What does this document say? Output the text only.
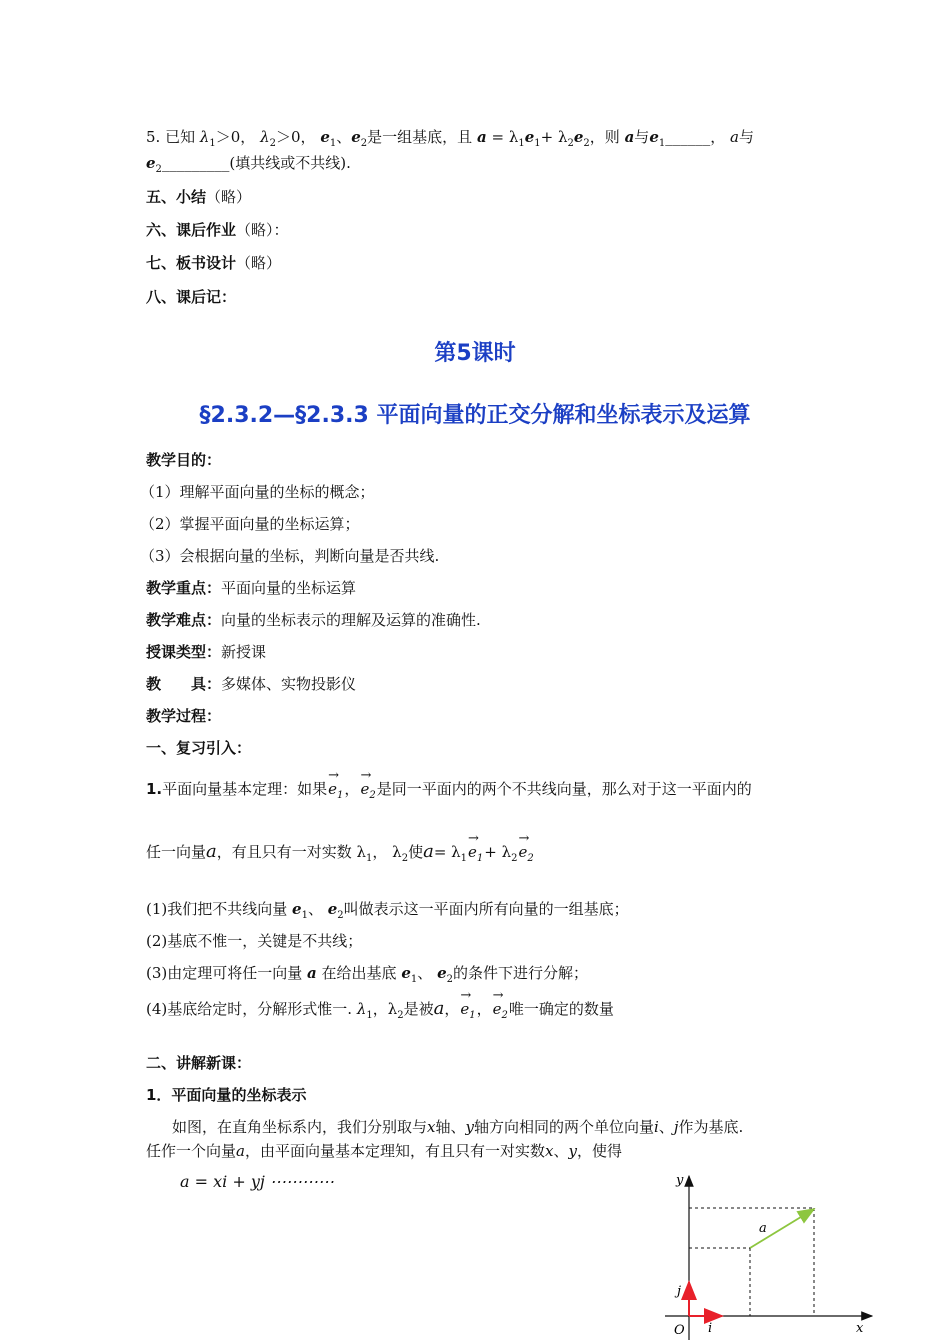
5. 已知 $\lambda_1>0$， $\lambda_2>0$， $e_1$、$e_2$是一组基底，且 $a = \lambda_1e_1+ \lambda_2e_2$，则 a与$e_1\_\_\_\_\_\_$， a与
$e_2\_\_\_\_\_\_\_\_\_$(填共线或不共线).
五、小结（略）
六、课后作业（略）：
七、板书设计（略）
八、课后记：
第5课时
§2.3.2—§2.3.3 平面向量的正交分解和坐标表示及运算
教学目的：
（1）理解平面向量的坐标的概念；
（2）掌握平面向量的坐标运算；
（3）会根据向量的坐标，判断向量是否共线.
教学重点：平面向量的坐标运算
教学难点：向量的坐标表示的理解及运算的准确性.
授课类型：新授课
教　　具：多媒体、实物投影仪
教学过程：
一、复习引入：
1.平面向量基本定理：如果→ $e_1$，→ $e_2$是同一平面内的两个不共线向量，那么对于这一平面内的
任一向量a，有且只有一对实数 $\lambda_1$， $\lambda_2$使$a= \lambda_1\to e_1+ \lambda_2\to e_2$
(1)我们把不共线向量 $e_1$、 $e_2$叫做表示这一平面内所有向量的一组基底；
(2)基底不惟一，关键是不共线；
(3)由定理可将任一向量 a 在给出基底 $e_1$、 $e_2$的条件下进行分解；
(4)基底给定时，分解形式惟一. $\lambda_1$，$\lambda_2$是被a，→ $e_1$，→ $e_2$唯一确定的数量
二、讲解新课：
1．平面向量的坐标表示
如图，在直角坐标系内，我们分别取与x轴、y轴方向相同的两个单位向量i、j作为基底.
任作一个向量a，由平面向量基本定理知，有且只有一对实数x、y，使得
a = xi + yj ⋯⋯⋯⋯	y
x
O i
j
a
